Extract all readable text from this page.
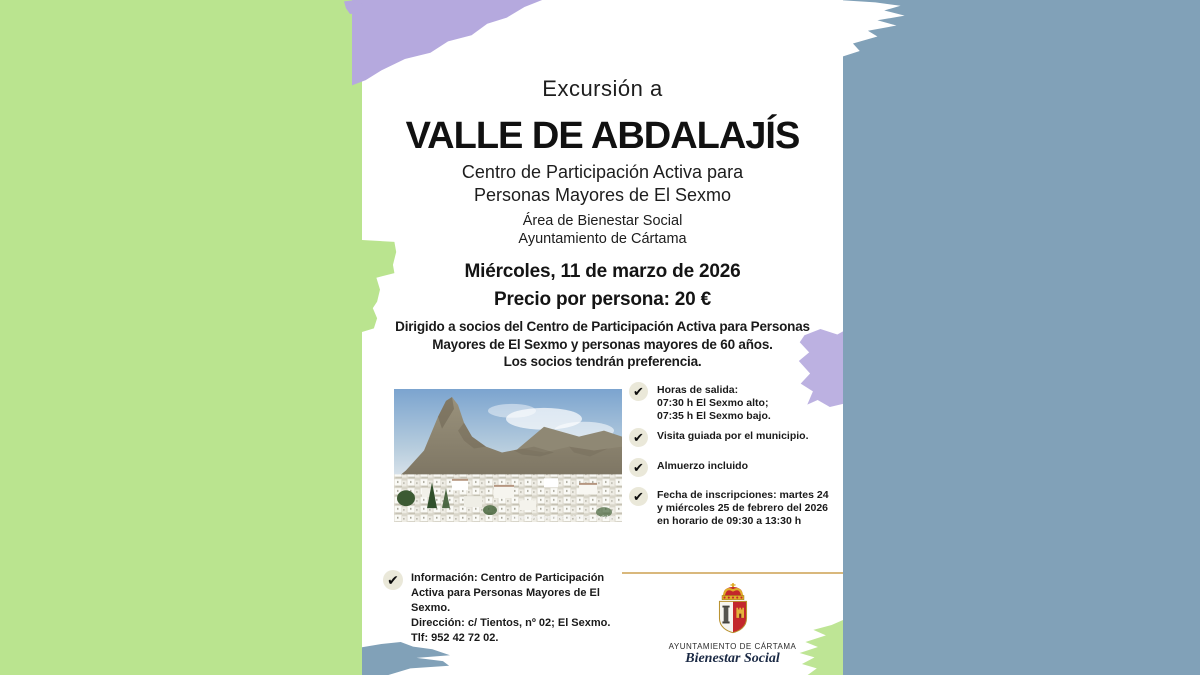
Excursión a
VALLE DE ABDALAJÍS
Centro de Participación Activa para
Personas Mayores de El Sexmo
Área de Bienestar Social
Ayuntamiento de Cártama
Miércoles, 11 de marzo de 2026
Precio por persona: 20 €
Dirigido a socios del Centro de Participación Activa para Personas
Mayores de El Sexmo y personas mayores de 60 años.
Los socios tendrán preferencia.
Imagen: Ayuntamiento de Valle de Abdalajís.
✔	Horas de salida:
07:30 h El Sexmo alto;
07:35 h El Sexmo bajo.
✔	Visita guiada por el municipio.
✔	Almuerzo incluido
✔	Fecha de inscripciones: martes 24
y miércoles 25 de febrero del 2026
en horario de 09:30 a 13:30 h
✔	Información: Centro de Participación
Activa para Personas Mayores de El
Sexmo.
Dirección: c/ Tientos, nº 02; El Sexmo.
Tlf: 952 42 72 02.
AYUNTAMIENTO DE CÁRTAMA
Bienestar Social
